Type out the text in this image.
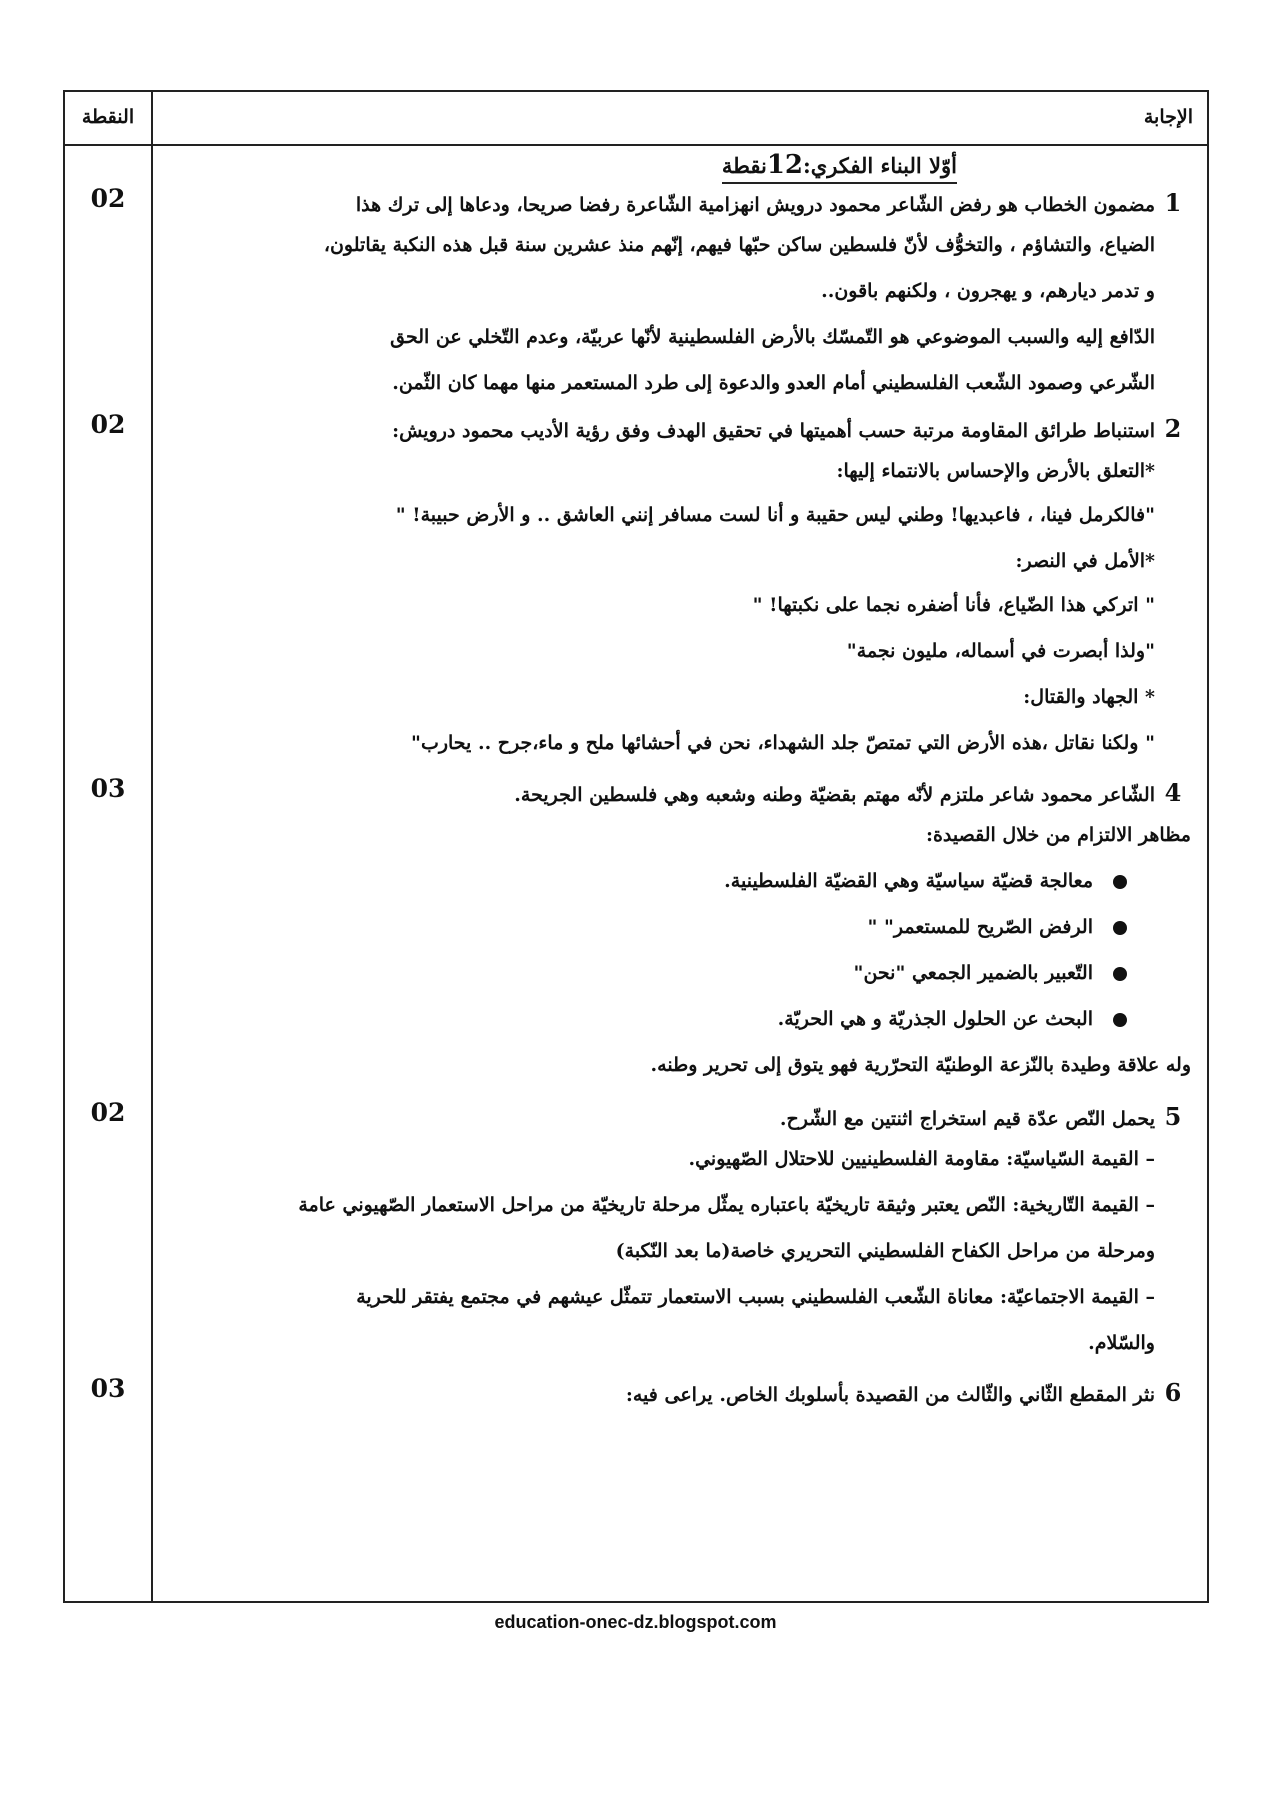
الإجابة
النقطة
أوّلا البناء الفكري:12نقطة
02
02
03
02
03
1مضمون الخطاب هو رفض الشّاعر محمود درويش انهزامية الشّاعرة رفضا صريحا، ودعاها إلى ترك هذا
الضياع، والتشاؤم ، والتخوُّف لأنّ فلسطين ساكن حبّها فيهم، إنّهم منذ عشرين سنة قبل هذه النكبة يقاتلون،
و تدمر ديارهم، و يهجرون ، ولكنهم باقون..
الدّافع إليه والسبب الموضوعي هو التّمسّك بالأرض الفلسطينية لأنّها عربيّة، وعدم التّخلي عن الحق
الشّرعي وصمود الشّعب الفلسطيني أمام العدو والدعوة إلى طرد المستعمر منها مهما كان الثّمن.
2استنباط طرائق المقاومة مرتبة حسب أهميتها في تحقيق الهدف وفق رؤية الأديب محمود درويش:
*التعلق بالأرض والإحساس بالانتماء إليها:
"فالكرمل فينا، ، فاعبديها! وطني ليس حقيبة و أنا لست مسافر إنني العاشق .. و الأرض حبيبة! "
*الأمل في النصر:
" اتركي هذا الضّياع، فأنا أضفره نجما على نكبتها! "
"ولذا أبصرت في أسماله، مليون نجمة"
* الجهاد والقتال:
" ولكنا نقاتل ،هذه الأرض التي تمتصّ جلد الشهداء، نحن في أحشائها ملح و ماء،جرح .. يحارب"
4الشّاعر محمود شاعر ملتزم لأنّه مهتم بقضيّة وطنه وشعبه وهي فلسطين الجريحة.
مظاهر الالتزام من خلال القصيدة:
معالجة قضيّة سياسيّة وهي القضيّة الفلسطينية.
الرفض الصّريح للمستعمر" "
التّعبير بالضمير الجمعي "نحن"
البحث عن الحلول الجذريّة و هي الحريّة.
وله علاقة وطيدة بالنّزعة الوطنيّة التحرّرية فهو يتوق إلى تحرير وطنه.
5يحمل النّص عدّة قيم استخراج اثنتين مع الشّرح.
– القيمة السّياسيّة: مقاومة الفلسطينيين للاحتلال الصّهيوني.
– القيمة التّاريخية: النّص يعتبر وثيقة تاريخيّة باعتباره يمثّل مرحلة تاريخيّة من مراحل الاستعمار الصّهيوني عامة
ومرحلة من مراحل الكفاح الفلسطيني التحريري خاصة(ما بعد النّكبة)
– القيمة الاجتماعيّة: معاناة الشّعب الفلسطيني بسبب الاستعمار تتمثّل عيشهم في مجتمع يفتقر للحرية
والسّلام.
6نثر المقطع الثّاني والثّالث من القصيدة بأسلوبك الخاص. يراعى فيه:
education-onec-dz.blogspot.com
